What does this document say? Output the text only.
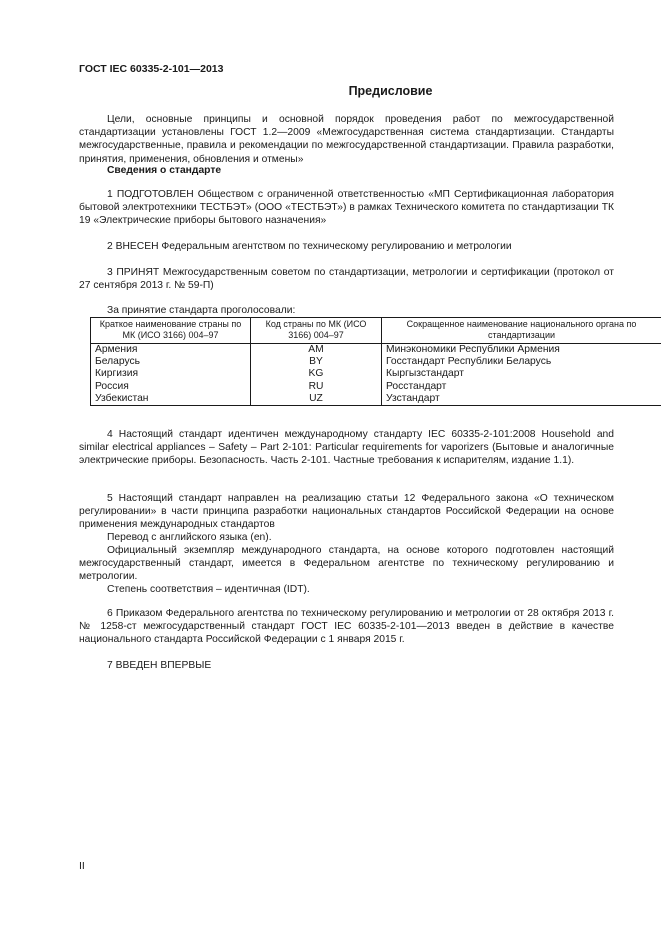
ГОСТ IEC 60335-2-101—2013
Предисловие

Цели, основные принципы и основной порядок проведения работ по межгосударственной стандартизации установлены ГОСТ 1.2—2009 «Межгосударственная система стандартизации. Стандарты межгосударственные, правила и рекомендации по межгосударственной стандартизации. Правила разработки, принятия, применения, обновления и отмены»

Сведения о стандарте

1 ПОДГОТОВЛЕН Обществом с ограниченной ответственностью «МП Сертификационная лаборатория бытовой электротехники ТЕСТБЭТ» (ООО «ТЕСТБЭТ») в рамках Технического комитета по стандартизации ТК 19 «Электрические приборы бытового назначения»

2 ВНЕСЕН Федеральным агентством по техническому регулированию и метрологии

3 ПРИНЯТ Межгосударственным советом по стандартизации, метрологии и сертификации (протокол от 27 сентября 2013 г. № 59-П)

За принятие стандарта проголосовали:

Краткое наименование страны по МК (ИСО 3166) 004–97	Код страны по МК (ИСО 3166) 004–97	Сокращенное наименование национального органа по стандартизации
Армения	AM	Минэкономики Республики Армения
Беларусь	BY	Госстандарт Республики Беларусь
Киргизия	KG	Кыргызстандарт
Россия	RU	Росстандарт
Узбекистан	UZ	Узстандарт

4 Настоящий стандарт идентичен международному стандарту IEC 60335-2-101:2008 Household and similar electrical appliances – Safety – Part 2-101: Particular requirements for vaporizers (Бытовые и аналогичные электрические приборы. Безопасность. Часть 2-101. Частные требования к испарителям, издание 1.1).

5 Настоящий стандарт направлен на реализацию статьи 12 Федерального закона «О техническом регулировании» в части принципа разработки национальных стандартов Российской Федерации на основе применения международных стандартов

Перевод с английского языка (en).

Официальный экземпляр международного стандарта, на основе которого подготовлен настоящий межгосударственный стандарт, имеется в Федеральном агентстве по техническому регулированию и метрологии.

Степень соответствия – идентичная (IDT).

6 Приказом Федерального агентства по техническому регулированию и метрологии от 28 октября 2013 г. № 1258-ст межгосударственный стандарт ГОСТ IEC 60335-2-101—2013 введен в действие в качестве национального стандарта Российской Федерации с 1 января 2015 г.

7 ВВЕДЕН ВПЕРВЫЕ

II
